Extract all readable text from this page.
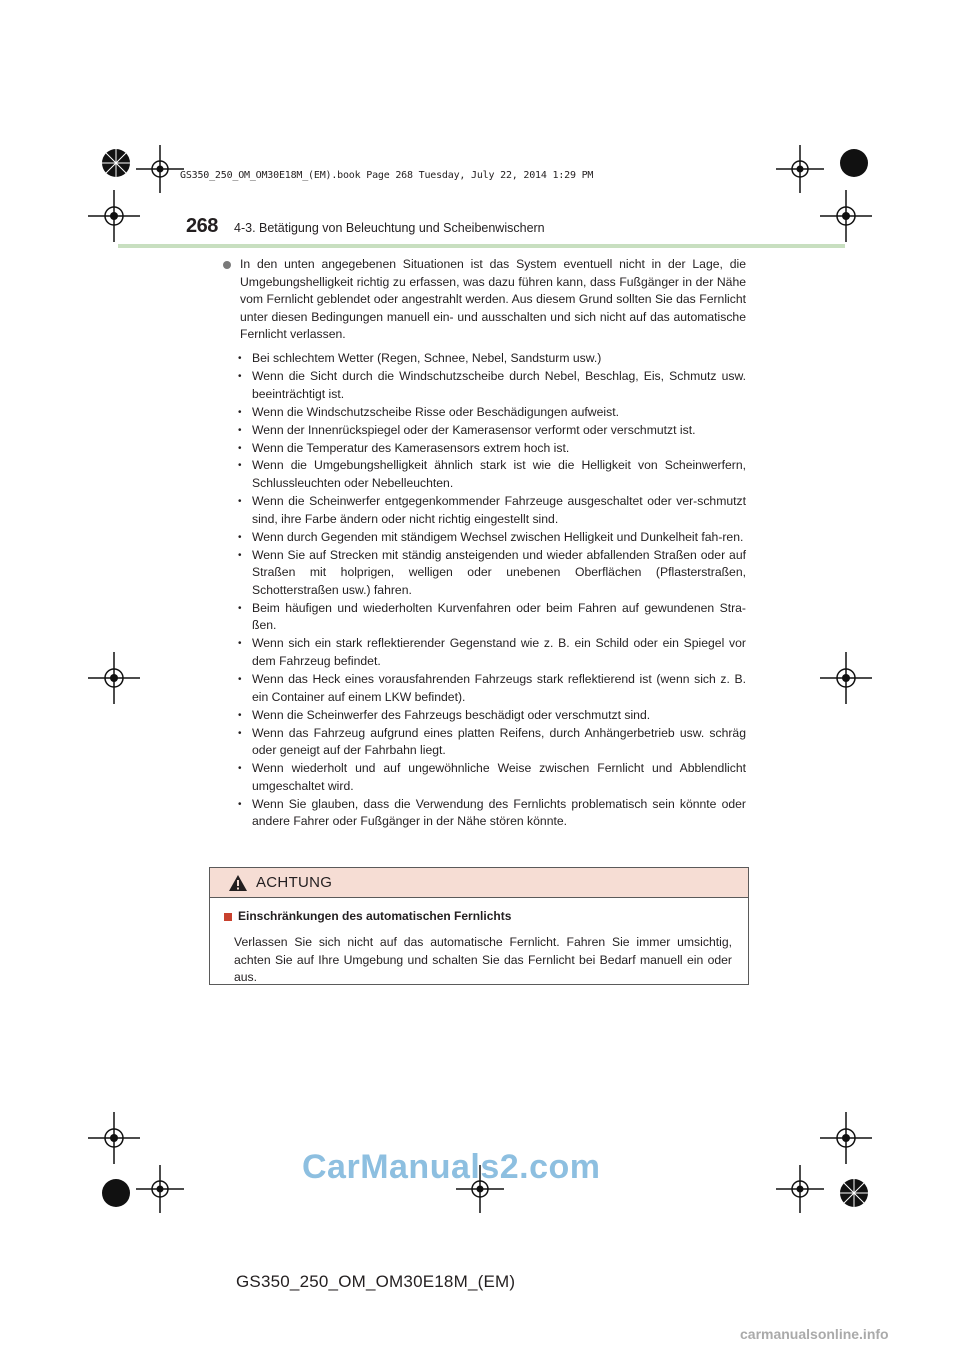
GS350_250_OM_OM30E18M_(EM).book Page 268 Tuesday, July 22, 2014 1:29 PM
268 4-3. Betätigung von Beleuchtung und Scheibenwischern

In den unten angegebenen Situationen ist das System eventuell nicht in der Lage, die Umgebungshelligkeit richtig zu erfassen, was dazu führen kann, dass Fußgänger in der Nähe vom Fernlicht geblendet oder angestrahlt werden. Aus diesem Grund sollten Sie das Fernlicht unter diesen Bedingungen manuell ein- und ausschalten und sich nicht auf das automatische Fernlicht verlassen.

• Bei schlechtem Wetter (Regen, Schnee, Nebel, Sandsturm usw.)
• Wenn die Sicht durch die Windschutzscheibe durch Nebel, Beschlag, Eis, Schmutz usw. beeinträchtigt ist.
• Wenn die Windschutzscheibe Risse oder Beschädigungen aufweist.
• Wenn der Innenrückspiegel oder der Kamerasensor verformt oder verschmutzt ist.
• Wenn die Temperatur des Kamerasensors extrem hoch ist.
• Wenn die Umgebungshelligkeit ähnlich stark ist wie die Helligkeit von Scheinwerfern, Schlussleuchten oder Nebelleuchten.
• Wenn die Scheinwerfer entgegenkommender Fahrzeuge ausgeschaltet oder ver-schmutzt sind, ihre Farbe ändern oder nicht richtig eingestellt sind.
• Wenn durch Gegenden mit ständigem Wechsel zwischen Helligkeit und Dunkelheit fah-ren.
• Wenn Sie auf Strecken mit ständig ansteigenden und wieder abfallenden Straßen oder auf Straßen mit holprigen, welligen oder unebenen Oberflächen (Pflasterstraßen, Schotterstraßen usw.) fahren.
• Beim häufigen und wiederholten Kurvenfahren oder beim Fahren auf gewundenen Stra-ßen.
• Wenn sich ein stark reflektierender Gegenstand wie z. B. ein Schild oder ein Spiegel vor dem Fahrzeug befindet.
• Wenn das Heck eines vorausfahrenden Fahrzeugs stark reflektierend ist (wenn sich z. B. ein Container auf einem LKW befindet).
• Wenn die Scheinwerfer des Fahrzeugs beschädigt oder verschmutzt sind.
• Wenn das Fahrzeug aufgrund eines platten Reifens, durch Anhängerbetrieb usw. schräg oder geneigt auf der Fahrbahn liegt.
• Wenn wiederholt und auf ungewöhnliche Weise zwischen Fernlicht und Abblendlicht umgeschaltet wird.
• Wenn Sie glauben, dass die Verwendung des Fernlichts problematisch sein könnte oder andere Fahrer oder Fußgänger in der Nähe stören könnte.
ACHTUNG
Einschränkungen des automatischen Fernlichts

Verlassen Sie sich nicht auf das automatische Fernlicht. Fahren Sie immer umsichtig, achten Sie auf Ihre Umgebung und schalten Sie das Fernlicht bei Bedarf manuell ein oder aus.

CarManuals2.com
GS350_250_OM_OM30E18M_(EM)
carmanualsonline.info
